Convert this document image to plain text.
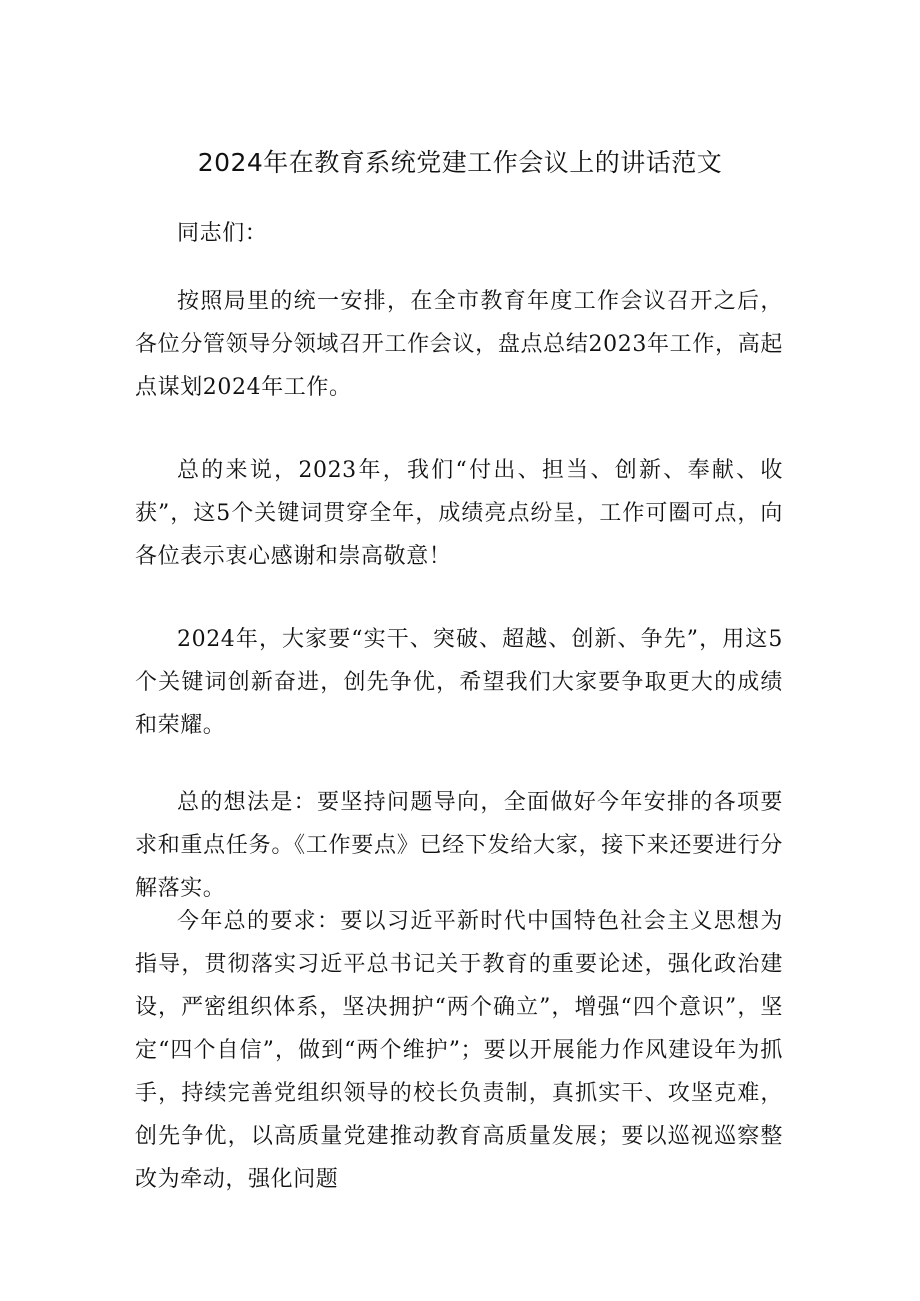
2024年在教育系统党建工作会议上的讲话范文

同志们：

按照局里的统一安排，在全市教育年度工作会议召开之后，各位分管领导分领域召开工作会议，盘点总结2023年工作，高起点谋划2024年工作。

总的来说，2023年，我们“付出、担当、创新、奉献、收获”，这5个关键词贯穿全年，成绩亮点纷呈，工作可圈可点，向各位表示衷心感谢和崇高敬意！

2024年，大家要“实干、突破、超越、创新、争先”，用这5个关键词创新奋进，创先争优，希望我们大家要争取更大的成绩和荣耀。

总的想法是：要坚持问题导向，全面做好今年安排的各项要求和重点任务。《工作要点》已经下发给大家，接下来还要进行分解落实。

今年总的要求：要以习近平新时代中国特色社会主义思想为指导，贯彻落实习近平总书记关于教育的重要论述，强化政治建设，严密组织体系，坚决拥护“两个确立”，增强“四个意识”，坚定“四个自信”，做到“两个维护”；要以开展能力作风建设年为抓手，持续完善党组织领导的校长负责制，真抓实干、攻坚克难，创先争优，以高质量党建推动教育高质量发展；要以巡视巡察整改为牵动，强化问题
